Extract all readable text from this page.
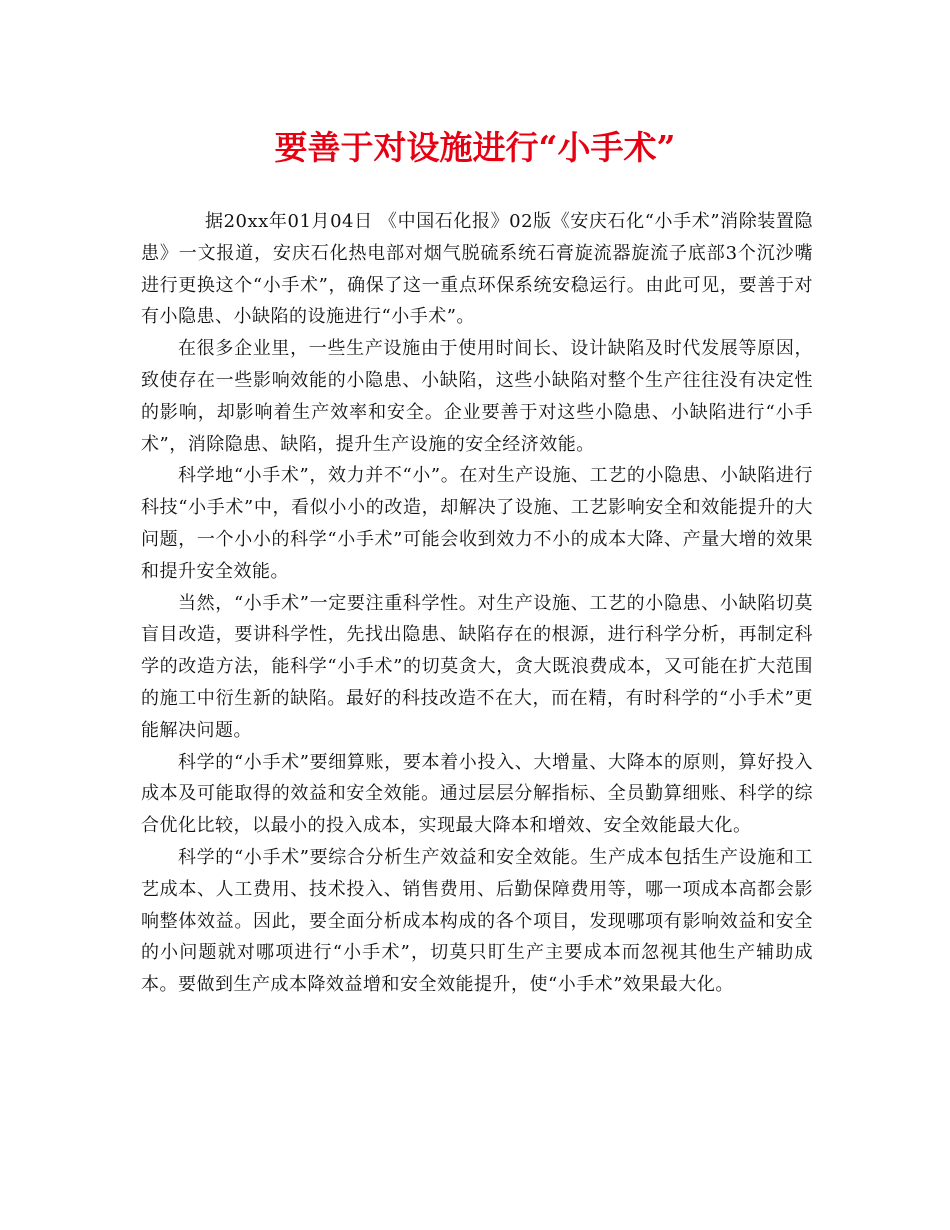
要善于对设施进行“小手术”

据20xx年01月04日 《中国石化报》02版《安庆石化“小手术”消除装置隐患》一文报道，安庆石化热电部对烟气脱硫系统石膏旋流器旋流子底部3个沉沙嘴进行更换这个“小手术”，确保了这一重点环保系统安稳运行。由此可见，要善于对有小隐患、小缺陷的设施进行“小手术”。

在很多企业里，一些生产设施由于使用时间长、设计缺陷及时代发展等原因，致使存在一些影响效能的小隐患、小缺陷，这些小缺陷对整个生产往往没有决定性的影响，却影响着生产效率和安全。企业要善于对这些小隐患、小缺陷进行“小手术”，消除隐患、缺陷，提升生产设施的安全经济效能。

科学地“小手术”，效力并不“小”。在对生产设施、工艺的小隐患、小缺陷进行科技“小手术”中，看似小小的改造，却解决了设施、工艺影响安全和效能提升的大问题，一个小小的科学“小手术”可能会收到效力不小的成本大降、产量大增的效果和提升安全效能。

当然，“小手术”一定要注重科学性。对生产设施、工艺的小隐患、小缺陷切莫盲目改造，要讲科学性，先找出隐患、缺陷存在的根源，进行科学分析，再制定科学的改造方法，能科学“小手术”的切莫贪大，贪大既浪费成本，又可能在扩大范围的施工中衍生新的缺陷。最好的科技改造不在大，而在精，有时科学的“小手术”更能解决问题。

科学的“小手术”要细算账，要本着小投入、大增量、大降本的原则，算好投入成本及可能取得的效益和安全效能。通过层层分解指标、全员勤算细账、科学的综合优化比较，以最小的投入成本，实现最大降本和增效、安全效能最大化。

科学的“小手术”要综合分析生产效益和安全效能。生产成本包括生产设施和工艺成本、人工费用、技术投入、销售费用、后勤保障费用等，哪一项成本高都会影响整体效益。因此，要全面分析成本构成的各个项目，发现哪项有影响效益和安全的小问题就对哪项进行“小手术”，切莫只盯生产主要成本而忽视其他生产辅助成本。要做到生产成本降效益增和安全效能提升，使“小手术”效果最大化。
